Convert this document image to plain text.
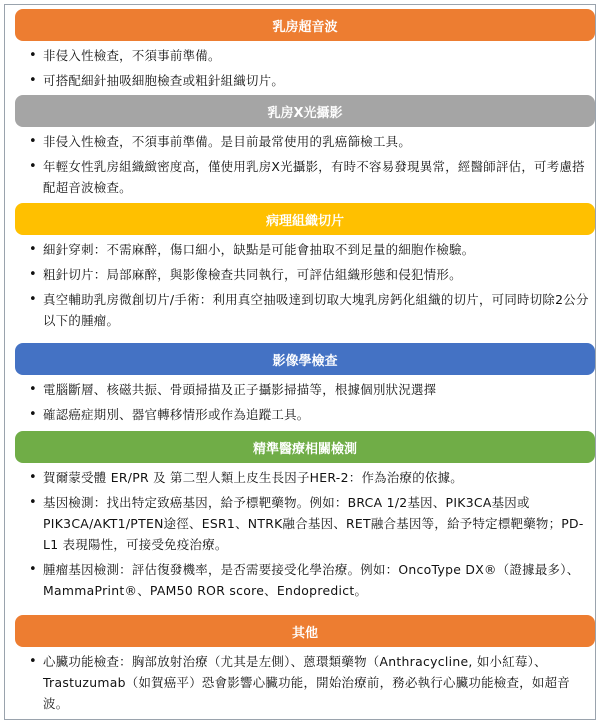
乳房超音波
• 非侵入性檢查，不須事前準備。
• 可搭配細針抽吸細胞檢查或粗針組織切片。
乳房X光攝影
• 非侵入性檢查，不須事前準備。是目前最常使用的乳癌篩檢工具。
• 年輕女性乳房組織緻密度高，僅使用乳房X光攝影，有時不容易發現異常，經醫師評估，可考慮搭配超音波檢查。
病理組織切片
• 細針穿刺：不需麻醉，傷口細小，缺點是可能會抽取不到足量的細胞作檢驗。
• 粗針切片：局部麻醉，與影像檢查共同執行，可評估組織形態和侵犯情形。
• 真空輔助乳房微創切片/手術：利用真空抽吸達到切取大塊乳房鈣化組織的切片，可同時切除2公分以下的腫瘤。
影像學檢查
• 電腦斷層、核磁共振、骨頭掃描及正子攝影掃描等，根據個別狀況選擇
• 確認癌症期別、器官轉移情形或作為追蹤工具。
精準醫療相關檢測
• 賀爾蒙受體 ER/PR 及 第二型人類上皮生長因子HER-2：作為治療的依據。
• 基因檢測：找出特定致癌基因，給予標靶藥物。例如：BRCA 1/2基因、PIK3CA基因或PIK3CA/AKT1/PTEN途徑、ESR1、NTRK融合基因、RET融合基因等，給予特定標靶藥物；PD-L1 表現陽性，可接受免疫治療。
• 腫瘤基因檢測：評估復發機率，是否需要接受化學治療。例如：OncoType DX®（證據最多）、MammaPrint®、PAM50 ROR score、Endopredict。
其他
• 心臟功能檢查：胸部放射治療（尤其是左側）、蒽環類藥物（Anthracycline, 如小紅莓）、Trastuzumab（如賀癌平）恐會影響心臟功能，開始治療前，務必執行心臟功能檢查，如超音波。
